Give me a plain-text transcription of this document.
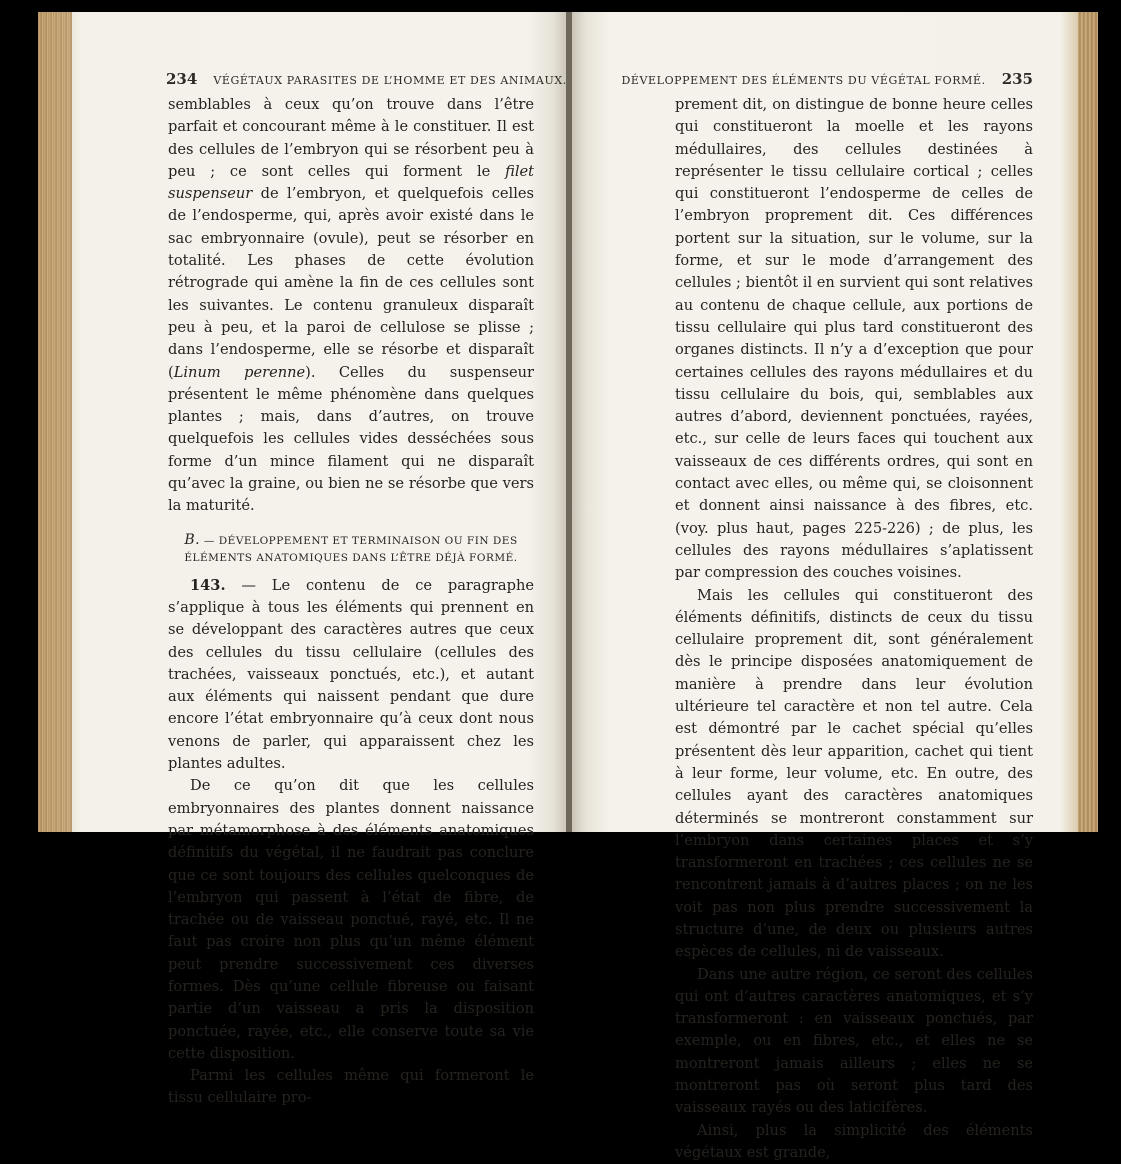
234 VÉGÉTAUX PARASITES DE L’HOMME ET DES ANIMAUX.

semblables à ceux qu’on trouve dans l’être parfait et concourant même à le constituer. Il est des cellules de l’embryon qui se résorbent peu à peu ; ce sont celles qui forment le filet suspenseur de l’embryon, et quelquefois celles de l’endosperme, qui, après avoir existé dans le sac embryonnaire (ovule), peut se résorber en totalité. Les phases de cette évolution rétrograde qui amène la fin de ces cellules sont les suivantes. Le contenu granuleux disparaît peu à peu, et la paroi de cellulose se plisse ; dans l’endosperme, elle se résorbe et disparaît (Linum perenne). Celles du suspenseur présentent le même phénomène dans quelques plantes ; mais, dans d’autres, on trouve quelquefois les cellules vides desséchées sous forme d’un mince filament qui ne disparaît qu’avec la graine, ou bien ne se résorbe que vers la maturité.

B. — DÉVELOPPEMENT ET TERMINAISON OU FIN DES ÉLÉMENTS ANATOMIQUES DANS L’ÊTRE DÉJÀ FORMÉ.

143. — Le contenu de ce paragraphe s’applique à tous les éléments qui prennent en se développant des caractères autres que ceux des cellules du tissu cellulaire (cellules des trachées, vaisseaux ponctués, etc.), et autant aux éléments qui naissent pendant que dure encore l’état embryonnaire qu’à ceux dont nous venons de parler, qui apparaissent chez les plantes adultes.

De ce qu’on dit que les cellules embryonnaires des plantes donnent naissance par métamorphose à des éléments anatomiques définitifs du végétal, il ne faudrait pas conclure que ce sont toujours des cellules quelconques de l’embryon qui passent à l’état de fibre, de trachée ou de vaisseau ponctué, rayé, etc. Il ne faut pas croire non plus qu’un même élément peut prendre successivement ces diverses formes. Dès qu’une cellule fibreuse ou faisant partie d’un vaisseau a pris la disposition ponctuée, rayée, etc., elle conserve toute sa vie cette disposition.

Parmi les cellules même qui formeront le tissu cellulaire pro-

DÉVELOPPEMENT DES ÉLÉMENTS DU VÉGÉTAL FORMÉ. 235

prement dit, on distingue de bonne heure celles qui constitueront la moelle et les rayons médullaires, des cellules destinées à représenter le tissu cellulaire cortical ; celles qui constitueront l’endosperme de celles de l’embryon proprement dit. Ces différences portent sur la situation, sur le volume, sur la forme, et sur le mode d’arrangement des cellules ; bientôt il en survient qui sont relatives au contenu de chaque cellule, aux portions de tissu cellulaire qui plus tard constitueront des organes distincts. Il n’y a d’exception que pour certaines cellules des rayons médullaires et du tissu cellulaire du bois, qui, semblables aux autres d’abord, deviennent ponctuées, rayées, etc., sur celle de leurs faces qui touchent aux vaisseaux de ces différents ordres, qui sont en contact avec elles, ou même qui, se cloisonnent et donnent ainsi naissance à des fibres, etc. (voy. plus haut, pages 225-226) ; de plus, les cellules des rayons médullaires s’aplatissent par compression des couches voisines.

Mais les cellules qui constitueront des éléments définitifs, distincts de ceux du tissu cellulaire proprement dit, sont généralement dès le principe disposées anatomiquement de manière à prendre dans leur évolution ultérieure tel caractère et non tel autre. Cela est démontré par le cachet spécial qu’elles présentent dès leur apparition, cachet qui tient à leur forme, leur volume, etc. En outre, des cellules ayant des caractères anatomiques déterminés se montreront constamment sur l’embryon dans certaines places et s’y transformeront en trachées ; ces cellules ne se rencontrent jamais à d’autres places ; on ne les voit pas non plus prendre successivement la structure d’une, de deux ou plusieurs autres espèces de cellules, ni de vaisseaux.

Dans une autre région, ce seront des cellules qui ont d’autres caractères anatomiques, et s’y transformeront : en vaisseaux ponctués, par exemple, ou en fibres, etc., et elles ne se montreront jamais ailleurs ; elles ne se montreront pas où seront plus tard des vaisseaux rayés ou des laticifères.

Ainsi, plus la simplicité des éléments végétaux est grande,
